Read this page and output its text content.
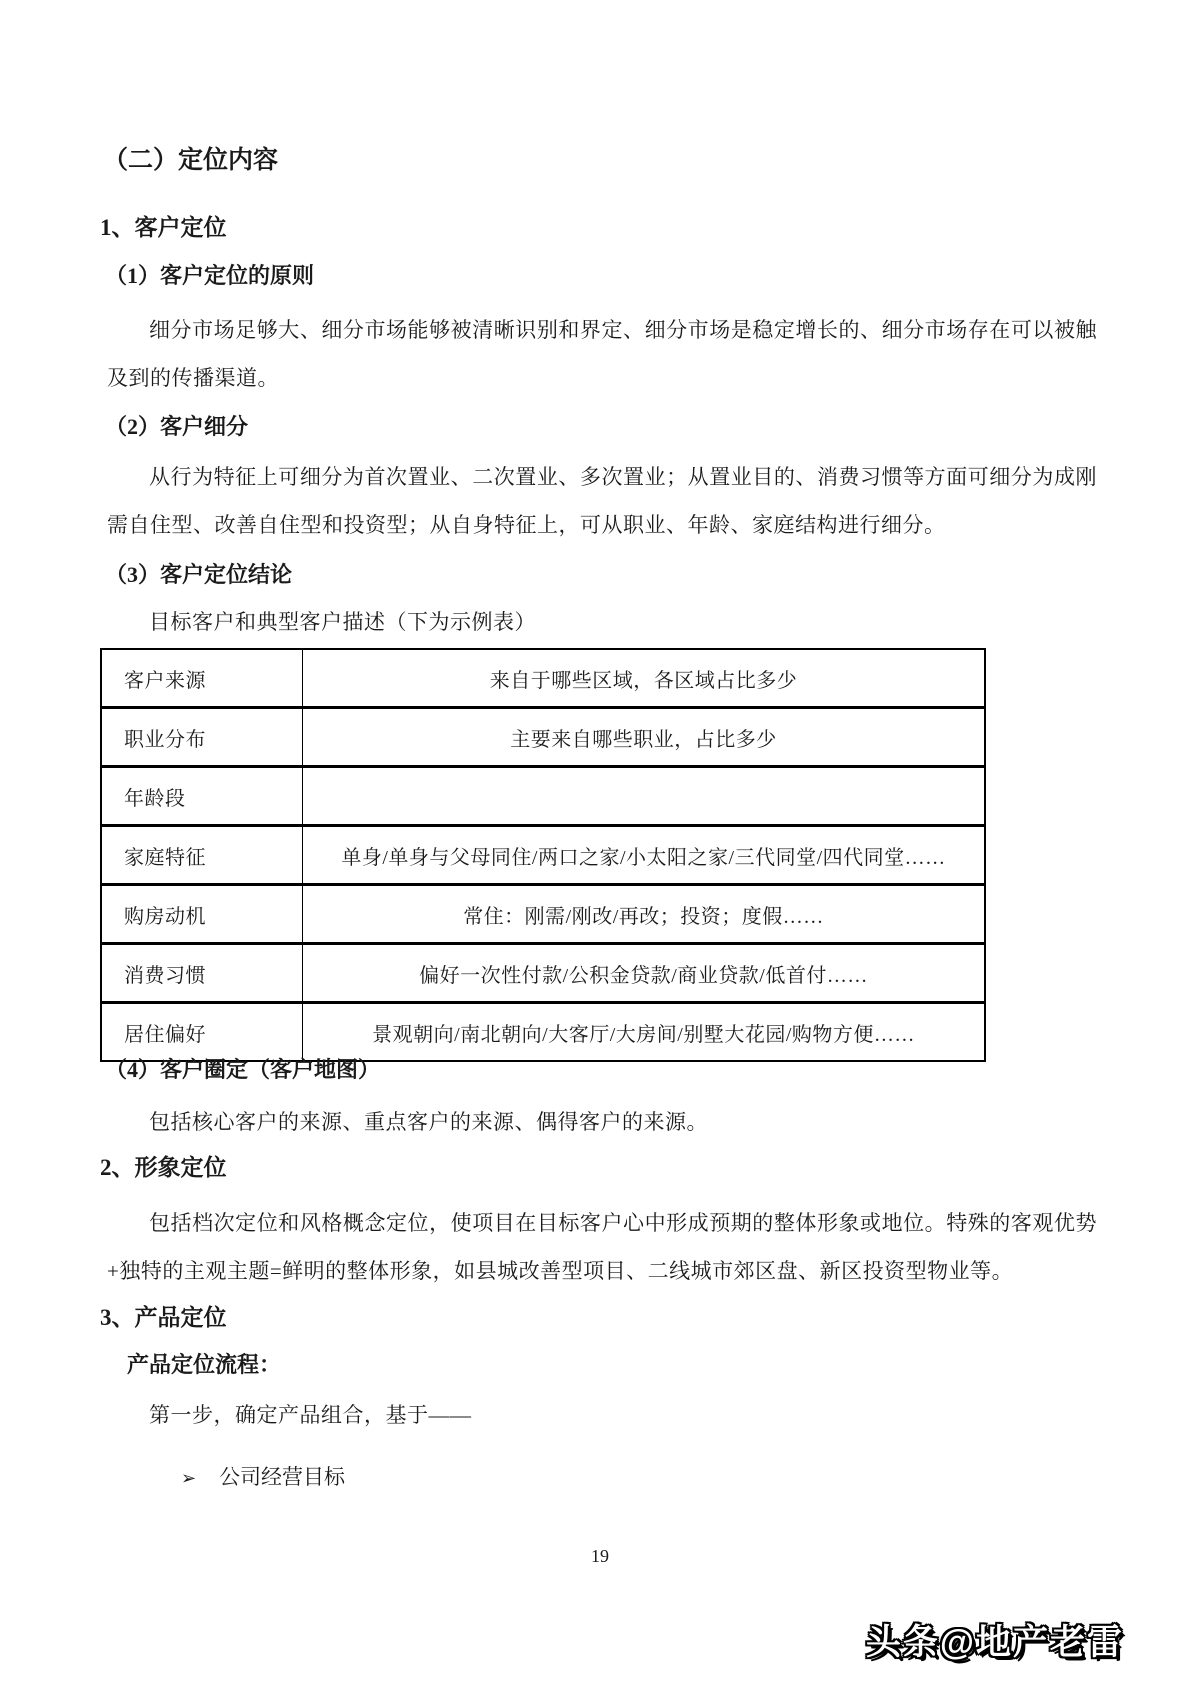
（二）定位内容
1、客户定位
（1）客户定位的原则
细分市场足够大、细分市场能够被清晰识别和界定、细分市场是稳定增长的、细分市场存在可以被触及到的传播渠道。
（2）客户细分
从行为特征上可细分为首次置业、二次置业、多次置业；从置业目的、消费习惯等方面可细分为成刚需自住型、改善自住型和投资型；从自身特征上，可从职业、年龄、家庭结构进行细分。
（3）客户定位结论
目标客户和典型客户描述（下为示例表）
客户来源	来自于哪些区域，各区域占比多少
职业分布	主要来自哪些职业，占比多少
年龄段	
家庭特征	单身/单身与父母同住/两口之家/小太阳之家/三代同堂/四代同堂……
购房动机	常住：刚需/刚改/再改；投资；度假……
消费习惯	偏好一次性付款/公积金贷款/商业贷款/低首付……
居住偏好	景观朝向/南北朝向/大客厅/大房间/别墅大花园/购物方便……
（4）客户圈定（客户地图）
包括核心客户的来源、重点客户的来源、偶得客户的来源。
2、形象定位
包括档次定位和风格概念定位，使项目在目标客户心中形成预期的整体形象或地位。特殊的客观优势+独特的主观主题=鲜明的整体形象，如县城改善型项目、二线城市郊区盘、新区投资型物业等。
3、产品定位
产品定位流程：
第一步，确定产品组合，基于——
➢ 公司经营目标
19
头条@地产老雷
